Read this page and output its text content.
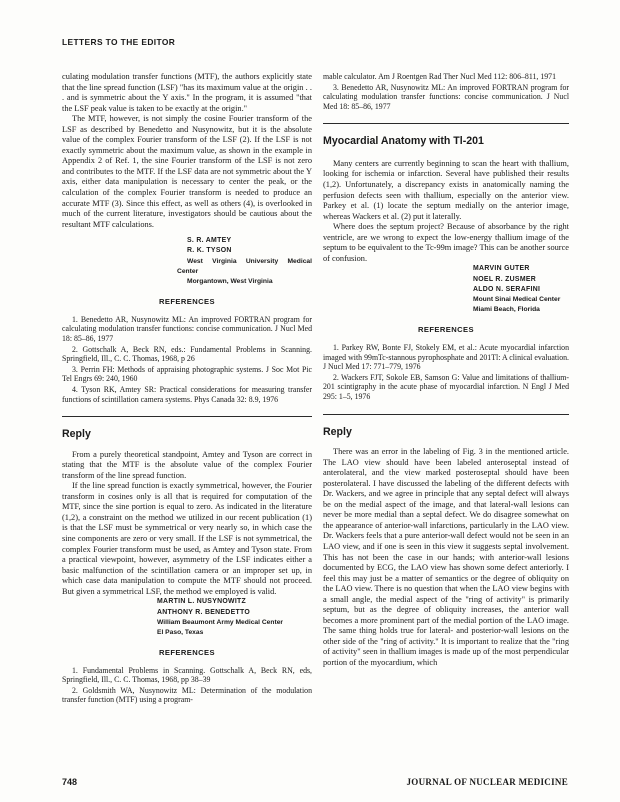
LETTERS TO THE EDITOR

culating modulation transfer functions (MTF), the authors explicitly state that the line spread function (LSF) "has its maximum value at the origin . . . and is symmetric about the Y axis." In the program, it is assumed "that the LSF peak value is taken to be exactly at the origin."

The MTF, however, is not simply the cosine Fourier transform of the LSF as described by Benedetto and Nusynowitz, but it is the absolute value of the complex Fourier transform of the LSF (2). If the LSF is not exactly symmetric about the maximum value, as shown in the example in Appendix 2 of Ref. 1, the sine Fourier transform of the LSF is not zero and contributes to the MTF. If the LSF data are not symmetric about the Y axis, either data manipulation is necessary to center the peak, or the calculation of the complex Fourier transform is needed to produce an accurate MTF (3). Since this effect, as well as others (4), is overlooked in much of the current literature, investigators should be cautious about the resultant MTF calculations.

S. R. AMTEY

R. K. TYSON

West Virginia University Medical Center

Morgantown, West Virginia

REFERENCES
1. Benedetto AR, Nusynowitz ML: An improved FORTRAN program for calculating modulation transfer functions: concise communication. J Nucl Med 18: 85–86, 1977
2. Gottschalk A, Beck RN, eds.: Fundamental Problems in Scanning. Springfield, Ill., C. C. Thomas, 1968, p 26
3. Perrin FH: Methods of appraising photographic systems. J Soc Mot Pic Tel Engrs 69: 240, 1960
4. Tyson RK, Amtey SR: Practical considerations for measuring transfer functions of scintillation camera systems. Phys Canada 32: 8.9, 1976
Reply

From a purely theoretical standpoint, Amtey and Tyson are correct in stating that the MTF is the absolute value of the complex Fourier transform of the line spread function.

If the line spread function is exactly symmetrical, however, the Fourier transform in cosines only is all that is required for computation of the MTF, since the sine portion is equal to zero. As indicated in the literature (1,2), a constraint on the method we utilized in our recent publication (1) is that the LSF must be symmetrical or very nearly so, in which case the sine components are zero or very small. If the LSF is not symmetrical, the complex Fourier transform must be used, as Amtey and Tyson state. From a practical viewpoint, however, asymmetry of the LSF indicates either a basic malfunction of the scintillation camera or an improper set up, in which case data manipulation to compute the MTF should not proceed. But given a symmetrical LSF, the method we employed is valid.

MARTIN L. NUSYNOWITZ

ANTHONY R. BENEDETTO

William Beaumont Army Medical Center

El Paso, Texas

REFERENCES
1. Fundamental Problems in Scanning. Gottschalk A, Beck RN, eds, Springfield, Ill., C. C. Thomas, 1968, pp 38–39
2. Goldsmith WA, Nusynowitz ML: Determination of the modulation transfer function (MTF) using a program-
mable calculator. Am J Roentgen Rad Ther Nucl Med 112: 806–811, 1971
3. Benedetto AR, Nusynowitz ML: An improved FORTRAN program for calculating modulation transfer functions: concise communication. J Nucl Med 18: 85–86, 1977
Myocardial Anatomy with Tl-201

Many centers are currently beginning to scan the heart with thallium, looking for ischemia or infarction. Several have published their results (1,2). Unfortunately, a discrepancy exists in anatomically naming the perfusion defects seen with thallium, especially on the anterior view. Parkey et al. (1) locate the septum medially on the anterior image, whereas Wackers et al. (2) put it laterally.

Where does the septum project? Because of absorbance by the right ventricle, are we wrong to expect the low-energy thallium image of the septum to be equivalent to the Tc-99m image? This can be another source of confusion.

MARVIN GUTER

NOEL R. ZUSMER

ALDO N. SERAFINI

Mount Sinai Medical Center

Miami Beach, Florida

REFERENCES
1. Parkey RW, Bonte FJ, Stokely EM, et al.: Acute myocardial infarction imaged with 99mTc-stannous pyrophosphate and 201Tl: A clinical evaluation. J Nucl Med 17: 771–779, 1976
2. Wackers FJT, Sokole EB, Samson G: Value and limitations of thallium-201 scintigraphy in the acute phase of myocardial infarction. N Engl J Med 295: 1–5, 1976
Reply

There was an error in the labeling of Fig. 3 in the mentioned article. The LAO view should have been labeled anteroseptal instead of anterolateral, and the view marked posteroseptal should have been posterolateral. I have discussed the labeling of the different defects with Dr. Wackers, and we agree in principle that any septal defect will always be on the medial aspect of the image, and that lateral-wall lesions can never be more medial than a septal defect. We do disagree somewhat on the appearance of anterior-wall infarctions, particularly in the LAO view. Dr. Wackers feels that a pure anterior-wall defect would not be seen in an LAO view, and if one is seen in this view it suggests septal involvement. This has not been the case in our hands; with anterior-wall lesions documented by ECG, the LAO view has shown some defect anteriorly. I feel this may just be a matter of semantics or the degree of obliquity on the LAO view. There is no question that when the LAO view begins with a small angle, the medial aspect of the "ring of activity" is primarily septum, but as the degree of obliquity increases, the anterior wall becomes a more prominent part of the medial portion of the LAO image. The same thing holds true for lateral- and posterior-wall lesions on the other side of the "ring of activity." It is important to realize that the "ring of activity" seen in thallium images is made up of the most perpendicular portion of the myocardium, which

748	JOURNAL OF NUCLEAR MEDICINE
